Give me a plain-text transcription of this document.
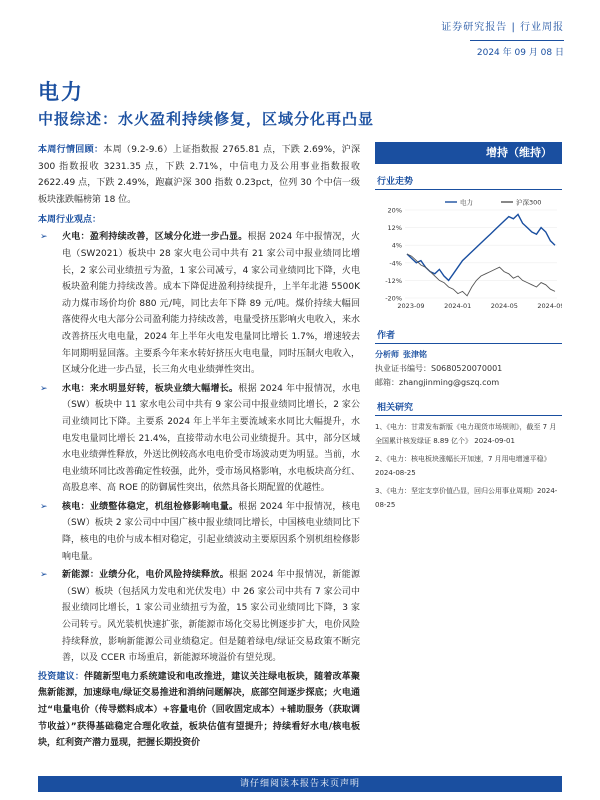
证券研究报告 | 行业周报
2024 年 09 月 08 日
电力
中报综述：水火盈利持续修复，区域分化再凸显

本周行情回顾：本周（9.2-9.6）上证指数报 2765.81 点，下跌 2.69%，沪深 300 指数报收 3231.35 点，下跌 2.71%，中信电力及公用事业指数报收 2622.49 点，下跌 2.49%，跑赢沪深 300 指数 0.23pct，位列 30 个中信一级板块涨跌幅榜第 18 位。

本周行业观点：
➢ 火电：盈利持续改善，区域分化进一步凸显。根据 2024 年中报情况，火电（SW2021）板块中 28 家火电公司中共有 21 家公司中报业绩同比增长，2 家公司业绩扭亏为盈，1 家公司减亏，4 家公司业绩同比下降，火电板块盈利能力持续改善。成本下降促进盈利持续提升，上半年北港 5500K 动力煤市场价均价 880 元/吨，同比去年下降 89 元/吨。煤价持续大幅回落使得火电大部分公司盈利能力持续改善，电量受挤压影响火电收入，来水改善挤压火电电量，2024 年上半年火电发电量同比增长 1.7%，增速较去年同期明显回落。主要系今年来水转好挤压火电电量，同时压制火电收入，区域分化进一步凸显，长三角火电业绩弹性突出。

➢ 水电：来水明显好转，板块业绩大幅增长。根据 2024 年中报情况，水电（SW）板块中 11 家水电公司中共有 9 家公司中报业绩同比增长，2 家公司业绩同比下降。主要系 2024 年上半年主要流域来水同比大幅提升，水电发电量同比增长 21.4%，直接带动水电公司业绩提升。其中，部分区域水电业绩弹性释放，外送比例较高水电电价受市场波动更为明显。当前，水电业绩环同比改善确定性较强，此外，受市场风格影响，水电板块高分红、高股息率、高 ROE 的防御属性突出，依然具备长期配置的优越性。

➢ 核电：业绩整体稳定，机组检修影响电量。根据 2024 年中报情况，核电（SW）板块 2 家公司中中国广核中报业绩同比增长，中国核电业绩同比下降，核电的电价与成本相对稳定，引起业绩波动主要原因系个别机组检修影响电量。

➢ 新能源：业绩分化，电价风险持续释放。根据 2024 年中报情况，新能源（SW）板块（包括风力发电和光伏发电）中 26 家公司中共有 7 家公司中报业绩同比增长，1 家公司业绩扭亏为盈，15 家公司业绩同比下降，3 家公司转亏。风光装机快速扩张，新能源市场化交易比例逐步扩大，电价风险持续释放，影响新能源公司业绩稳定。但是随着绿电/绿证交易政策不断完善，以及 CCER 市场重启，新能源环境溢价有望兑现。

投资建议：伴随新型电力系统建设和电改推进，建议关注绿电板块，随着改革聚焦新能源，加速绿电/绿证交易推进和消纳问题解决，底部空间逐步探底；火电通过“电量电价（传导燃料成本）+容量电价（回收固定成本）+辅助服务（获取调节收益）”获得基础稳定合理化收益，板块估值有望提升；持续看好水电/核电板块，红利资产潜力显现，把握长期投资价

增持（维持）
行业走势
20%
12%
4%
-4%
-12%
-20%
2023-09	2024-01	2024-05	2024-09
电力	沪深300
作者
分析师 张津铭
执业证书编号：S0680520070001
邮箱：zhangjinming@gszq.com
相关研究
1、《电力：甘肃发布新版《电力现货市场规则》，截至 7 月全国累计核发绿证 8.89 亿个》 2024-09-01
2、《电力：核电板块涨幅长开加速，7 月用电增速平稳》2024-08-25
3、《电力：坚定支享价值凸显，回归公用事业周期》2024-08-25
请仔细阅读本报告末页声明
